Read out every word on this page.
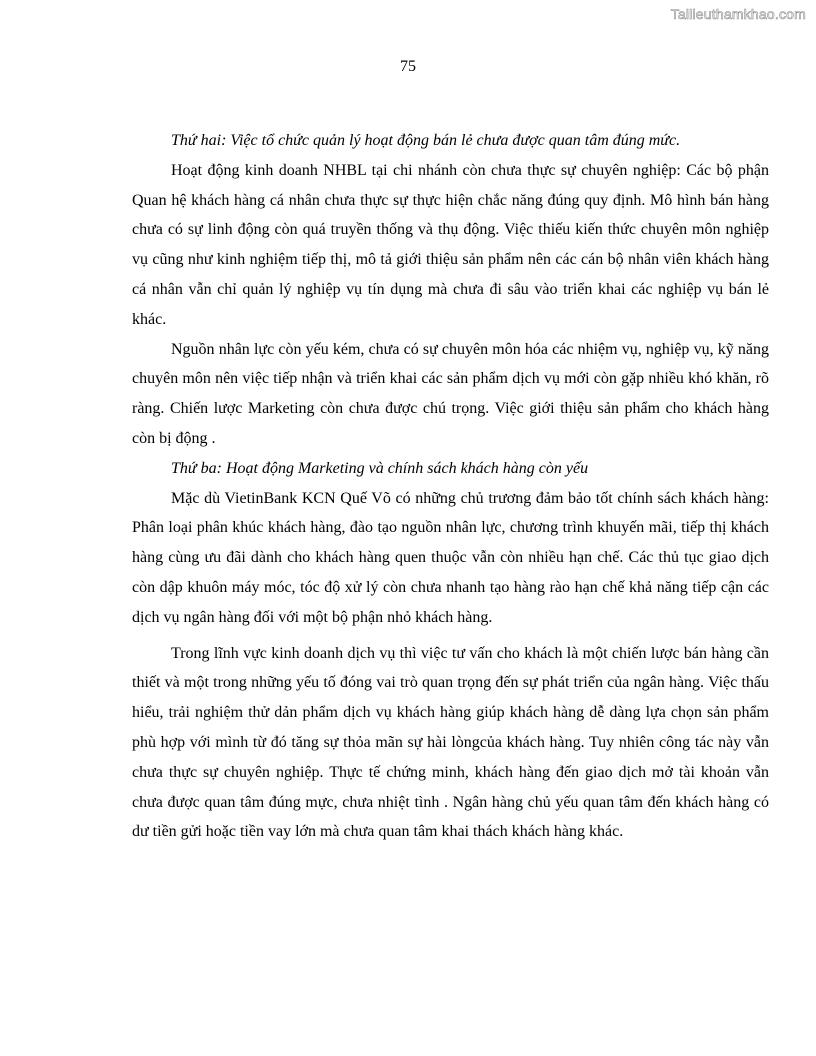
Tailieuthamkhao.com
75

Thứ hai: Việc tổ chức quản lý hoạt động bán lẻ chưa được quan tâm đúng mức.

Hoạt động kinh doanh NHBL tại chi nhánh còn chưa thực sự chuyên nghiệp: Các bộ phận Quan hệ khách hàng cá nhân chưa thực sự thực hiện chắc năng đúng quy định. Mô hình bán hàng chưa có sự linh động còn quá truyền thống và thụ động. Việc thiếu kiến thức chuyên môn nghiệp vụ cũng như kinh nghiệm tiếp thị, mô tả giới thiệu sản phẩm nên các cán bộ nhân viên khách hàng cá nhân vẫn chỉ quản lý nghiệp vụ tín dụng mà chưa đi sâu vào triển khai các nghiệp vụ bán lẻ khác.

Nguồn nhân lực còn yếu kém, chưa có sự chuyên môn hóa các nhiệm vụ, nghiệp vụ, kỹ năng chuyên môn nên việc tiếp nhận và triển khai các sản phẩm dịch vụ mới còn gặp nhiều khó khăn, rõ ràng. Chiến lược Marketing còn chưa được chú trọng. Việc giới thiệu sản phẩm cho khách hàng còn bị động .

Thứ ba: Hoạt động Marketing và chính sách khách hàng còn yếu

Mặc dù VietinBank KCN Quế Võ có những chủ trương đảm bảo tốt chính sách khách hàng: Phân loại phân khúc khách hàng, đào tạo nguồn nhân lực, chương trình khuyến mãi, tiếp thị khách hàng cùng ưu đãi dành cho khách hàng quen thuộc vẫn còn nhiều hạn chế. Các thủ tục giao dịch còn dập khuôn máy móc, tóc độ xử lý còn chưa nhanh tạo hàng rào hạn chế khả năng tiếp cận các dịch vụ ngân hàng đối với một bộ phận nhỏ khách hàng.

Trong lĩnh vực kinh doanh dịch vụ thì việc tư vấn cho khách là một chiến lược bán hàng cần thiết và một trong những yếu tố đóng vai trò quan trọng đến sự phát triển của ngân hàng. Việc thấu hiểu, trải nghiệm thử dản phẩm dịch vụ khách hàng giúp khách hàng dễ dàng lựa chọn sản phẩm phù hợp với mình từ đó tăng sự thỏa mãn sự hài lòngcủa khách hàng. Tuy nhiên công tác này vẫn chưa thực sự chuyên nghiệp. Thực tế chứng minh, khách hàng đến giao dịch mở tài khoản vẫn chưa được quan tâm đúng mực, chưa nhiệt tình . Ngân hàng chủ yếu quan tâm đến khách hàng có dư tiền gửi hoặc tiền vay lớn mà chưa quan tâm khai thách khách hàng khác.
